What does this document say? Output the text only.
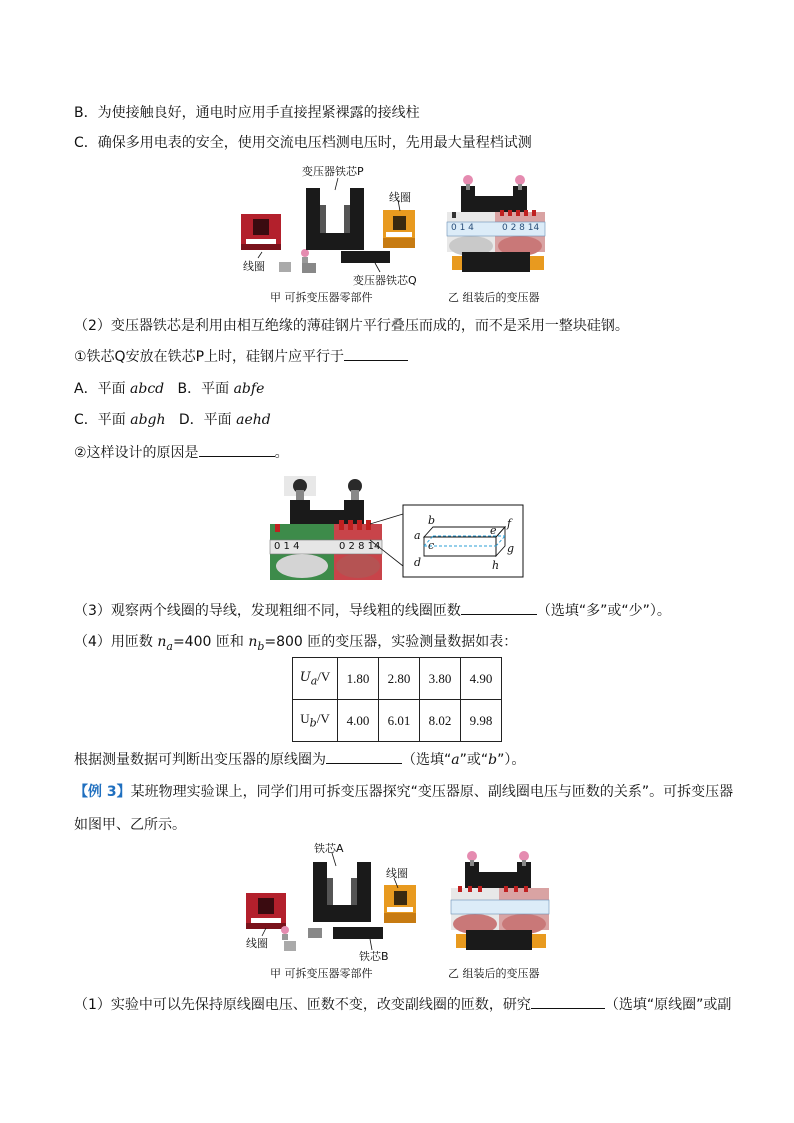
B．为使接触良好，通电时应用手直接捏紧裸露的接线柱
C．确保多用电表的安全，使用交流电压档测电压时，先用最大量程档试测
变压器铁芯P
线圈
线圈
变压器铁芯Q
甲 可拆变压器零部件	乙 组装后的变压器
0 1 4	0 2 8 14
（2）变压器铁芯是利用由相互绝缘的薄硅钢片平行叠压而成的，而不是采用一整块硅钢。
①铁芯Q安放在铁芯P上时，硅钢片应平行于
A．平面 abcd B．平面 abfe
C．平面 abgh D．平面 aehd
②这样设计的原因是	。
0 1 4	0 2 8 14
a
b
c
d
e
f
g
h
（3）观察两个线圈的导线，发现粗细不同，导线粗的线圈匝数	（选填“多”或“少”）。
（4）用匝数 $n_a=400$ 匝和 $n_b=800$ 匝的变压器，实验测量数据如表：
$U_a/V$	1.80	2.80	3.80	4.90
$U_b/V$	4.00	6.01	8.02	9.98
根据测量数据可判断出变压器的原线圈为	（选填“a”或“b”）。
【例 3】某班物理实验课上，同学们用可拆变压器探究“变压器原、副线圈电压与匝数的关系”。可拆变压器
如图甲、乙所示。
铁芯A
线圈
线圈
铁芯B
甲 可拆变压器零部件	乙 组装后的变压器
（1）实验中可以先保持原线圈电压、匝数不变，改变副线圈的匝数，研究	（选填“原线圈”或副
